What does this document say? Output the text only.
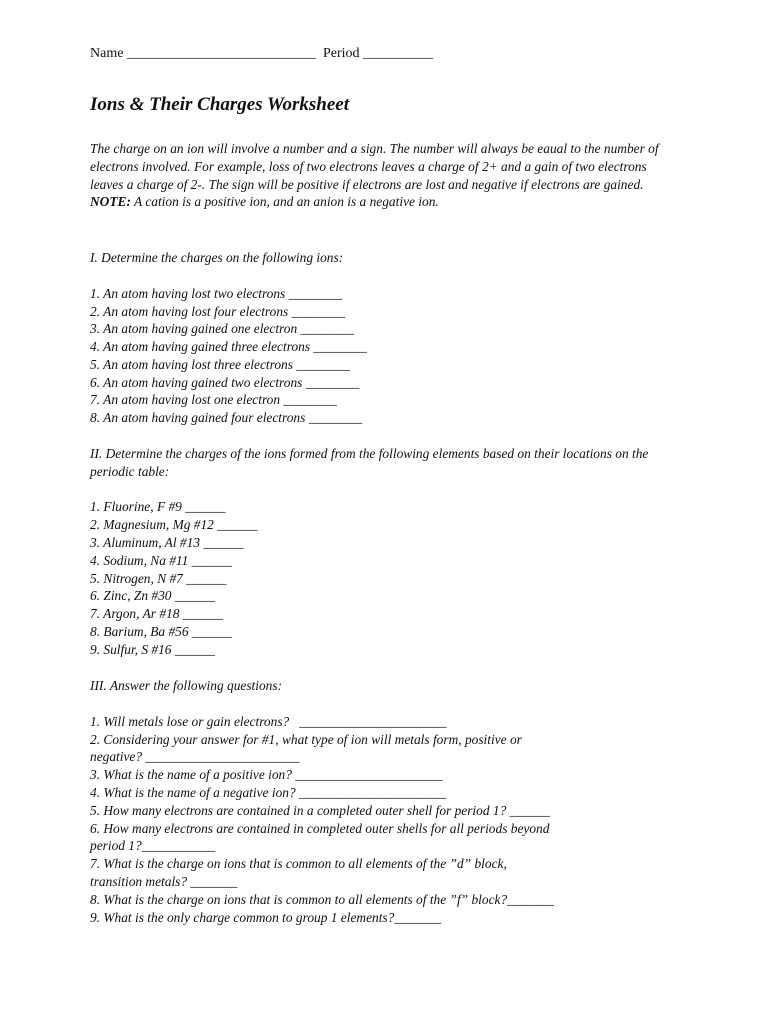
Name ___________________________ Period __________
Ions & Their Charges Worksheet
The charge on an ion will involve a number and a sign. The number will always be eaual to the number of electrons involved. For example, loss of two electrons leaves a charge of 2+ and a gain of two electrons leaves a charge of 2-. The sign will be positive if electrons are lost and negative if electrons are gained. NOTE: A cation is a positive ion, and an anion is a negative ion.
I. Determine the charges on the following ions:
1. An atom having lost two electrons ________
2. An atom having lost four electrons ________
3. An atom having gained one electron ________
4. An atom having gained three electrons ________
5. An atom having lost three electrons ________
6. An atom having gained two electrons ________
7. An atom having lost one electron ________
8. An atom having gained four electrons ________
II. Determine the charges of the ions formed from the following elements based on their locations on the periodic table:
1. Fluorine, F #9 ______
2. Magnesium, Mg #12 ______
3. Aluminum, Al #13 ______
4. Sodium, Na #11 ______
5. Nitrogen, N #7 ______
6. Zinc, Zn #30 ______
7. Argon, Ar #18 ______
8. Barium, Ba #56 ______
9. Sulfur, S #16 ______
III. Answer the following questions:
1. Will metals lose or gain electrons?   ______________________
2. Considering your answer for #1, what type of ion will metals form, positive or
negative? _______________________
3. What is the name of a positive ion? ______________________
4. What is the name of a negative ion? ______________________
5. How many electrons are contained in a completed outer shell for period 1? ______
6. How many electrons are contained in completed outer shells for all periods beyond
period 1?___________
7. What is the charge on ions that is common to all elements of the ”d” block,
transition metals? _______
8. What is the charge on ions that is common to all elements of the ”f” block?_______
9. What is the only charge common to group 1 elements?_______
